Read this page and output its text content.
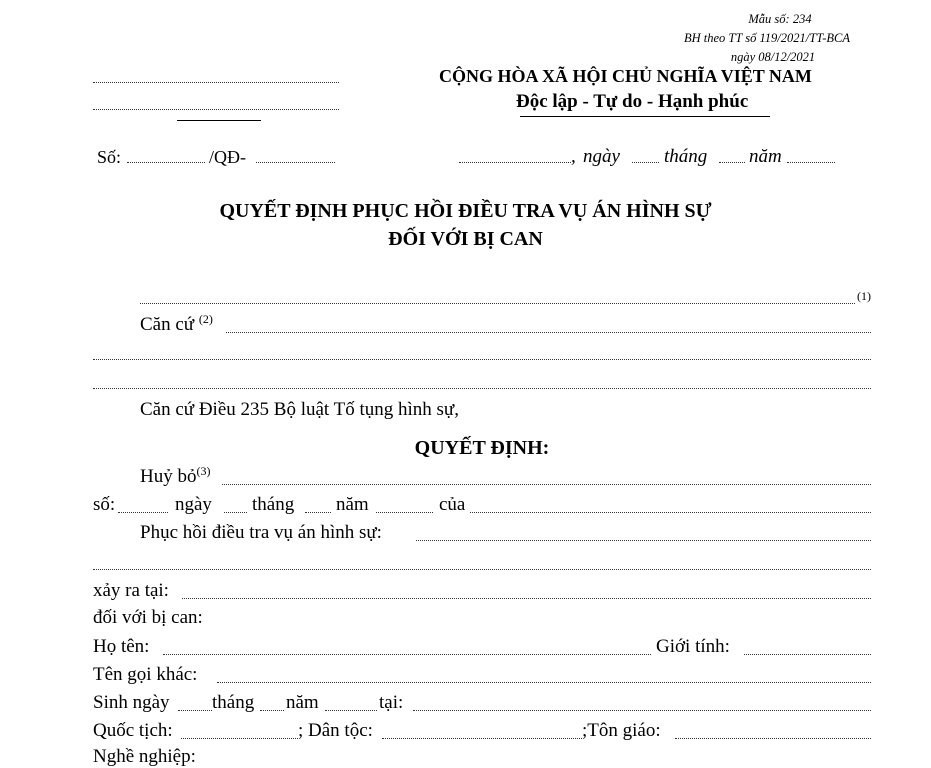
Mẫu số: 234
BH theo TT số 119/2021/TT-BCA
ngày 08/12/2021
CỘNG HÒA XÃ HỘI CHỦ NGHĨA VIỆT NAM
Độc lập - Tự do - Hạnh phúc
Số:	/QĐ-	, ngày tháng năm
QUYẾT ĐỊNH PHỤC HỒI ĐIỀU TRA VỤ ÁN HÌNH SỰ
ĐỐI VỚI BỊ CAN
(1)
Căn cứ $^{(2)}$
Căn cứ Điều 235 Bộ luật Tố tụng hình sự,
QUYẾT ĐỊNH:
Huỷ bỏ$^{(3)}$
số:	ngày tháng năm	của
Phục hồi điều tra vụ án hình sự:
xảy ra tại:
đối với bị can:
Họ tên:	Giới tính:
Tên gọi khác:
Sinh ngày tháng năm	tại:
Quốc tịch:	; Dân tộc:	;Tôn giáo:
Nghề nghiệp:
